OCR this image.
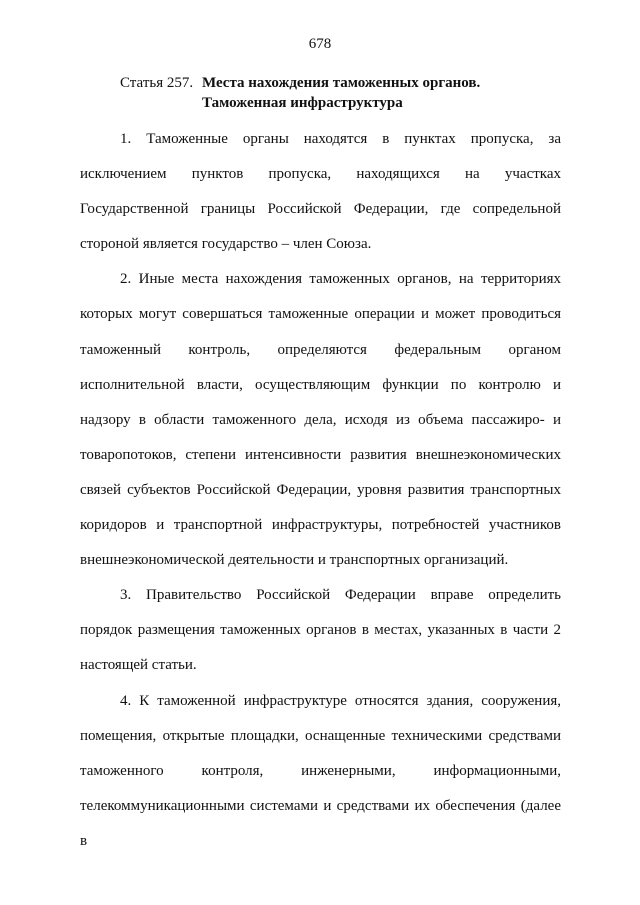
678
Статья 257. Места нахождения таможенных органов.
Таможенная инфраструктура

1. Таможенные органы находятся в пунктах пропуска, за исключением пунктов пропуска, находящихся на участках Государственной границы Российской Федерации, где сопредельной стороной является государство – член Союза.

2. Иные места нахождения таможенных органов, на территориях которых могут совершаться таможенные операции и может проводиться таможенный контроль, определяются федеральным органом исполнительной власти, осуществляющим функции по контролю и надзору в области таможенного дела, исходя из объема пассажиро- и товаропотоков, степени интенсивности развития внешнеэкономических связей субъектов Российской Федерации, уровня развития транспортных коридоров и транспортной инфраструктуры, потребностей участников внешнеэкономической деятельности и транспортных организаций.

3. Правительство Российской Федерации вправе определить порядок размещения таможенных органов в местах, указанных в части 2 настоящей статьи.

4. К таможенной инфраструктуре относятся здания, сооружения, помещения, открытые площадки, оснащенные техническими средствами таможенного контроля, инженерными, информационными, телекоммуникационными системами и средствами их обеспечения (далее в
